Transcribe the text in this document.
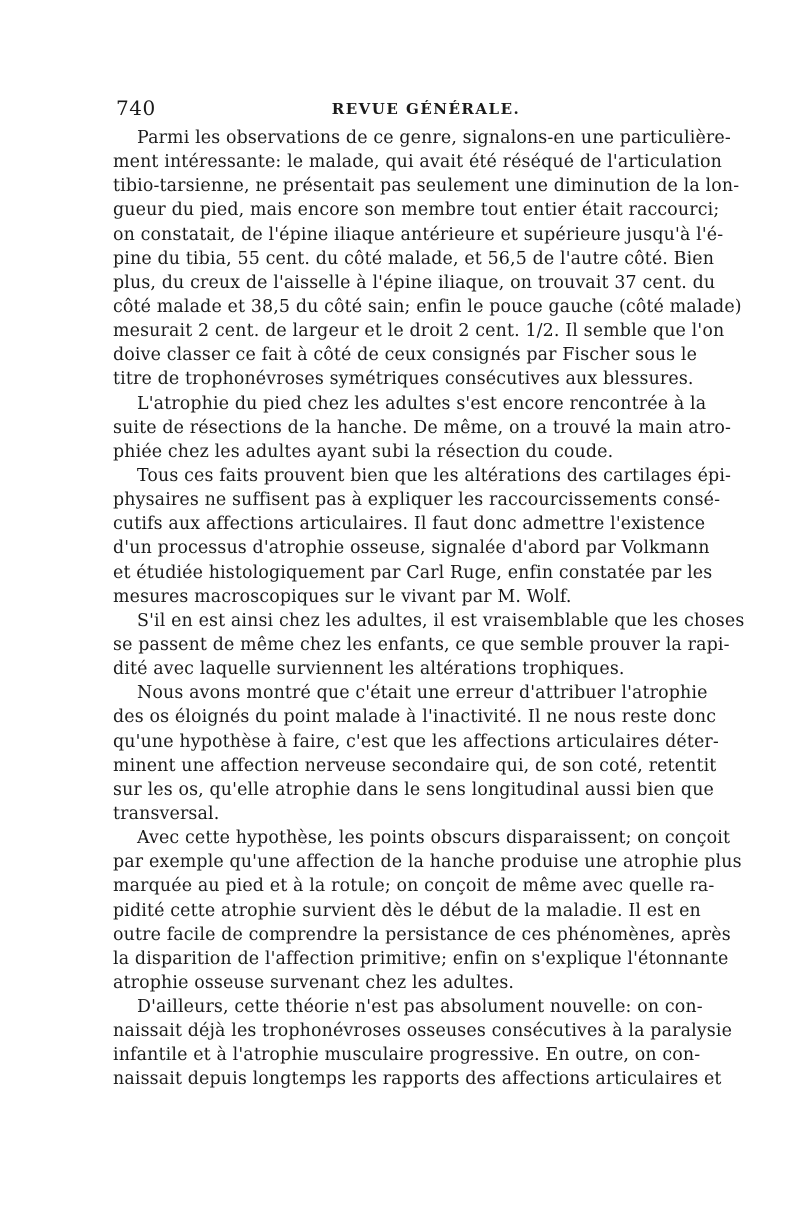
740	REVUE GÉNÉRALE.
Parmi les observations de ce genre, signalons-en une particulière-
ment intéressante: le malade, qui avait été réséqué de l'articulation
tibio-tarsienne, ne présentait pas seulement une diminution de la lon-
gueur du pied, mais encore son membre tout entier était raccourci;
on constatait, de l'épine iliaque antérieure et supérieure jusqu'à l'é-
pine du tibia, 55 cent. du côté malade, et 56,5 de l'autre côté. Bien
plus, du creux de l'aisselle à l'épine iliaque, on trouvait 37 cent. du
côté malade et 38,5 du côté sain; enfin le pouce gauche (côté malade)
mesurait 2 cent. de largeur et le droit 2 cent. 1/2. Il semble que l'on
doive classer ce fait à côté de ceux consignés par Fischer sous le
titre de trophonévroses symétriques consécutives aux blessures.
L'atrophie du pied chez les adultes s'est encore rencontrée à la
suite de résections de la hanche. De même, on a trouvé la main atro-
phiée chez les adultes ayant subi la résection du coude.
Tous ces faits prouvent bien que les altérations des cartilages épi-
physaires ne suffisent pas à expliquer les raccourcissements consé-
cutifs aux affections articulaires. Il faut donc admettre l'existence
d'un processus d'atrophie osseuse, signalée d'abord par Volkmann
et étudiée histologiquement par Carl Ruge, enfin constatée par les
mesures macroscopiques sur le vivant par M. Wolf.
S'il en est ainsi chez les adultes, il est vraisemblable que les choses
se passent de même chez les enfants, ce que semble prouver la rapi-
dité avec laquelle surviennent les altérations trophiques.
Nous avons montré que c'était une erreur d'attribuer l'atrophie
des os éloignés du point malade à l'inactivité. Il ne nous reste donc
qu'une hypothèse à faire, c'est que les affections articulaires déter-
minent une affection nerveuse secondaire qui, de son coté, retentit
sur les os, qu'elle atrophie dans le sens longitudinal aussi bien que
transversal.
Avec cette hypothèse, les points obscurs disparaissent; on conçoit
par exemple qu'une affection de la hanche produise une atrophie plus
marquée au pied et à la rotule; on conçoit de même avec quelle ra-
pidité cette atrophie survient dès le début de la maladie. Il est en
outre facile de comprendre la persistance de ces phénomènes, après
la disparition de l'affection primitive; enfin on s'explique l'étonnante
atrophie osseuse survenant chez les adultes.
D'ailleurs, cette théorie n'est pas absolument nouvelle: on con-
naissait déjà les trophonévroses osseuses consécutives à la paralysie
infantile et à l'atrophie musculaire progressive. En outre, on con-
naissait depuis longtemps les rapports des affections articulaires et
